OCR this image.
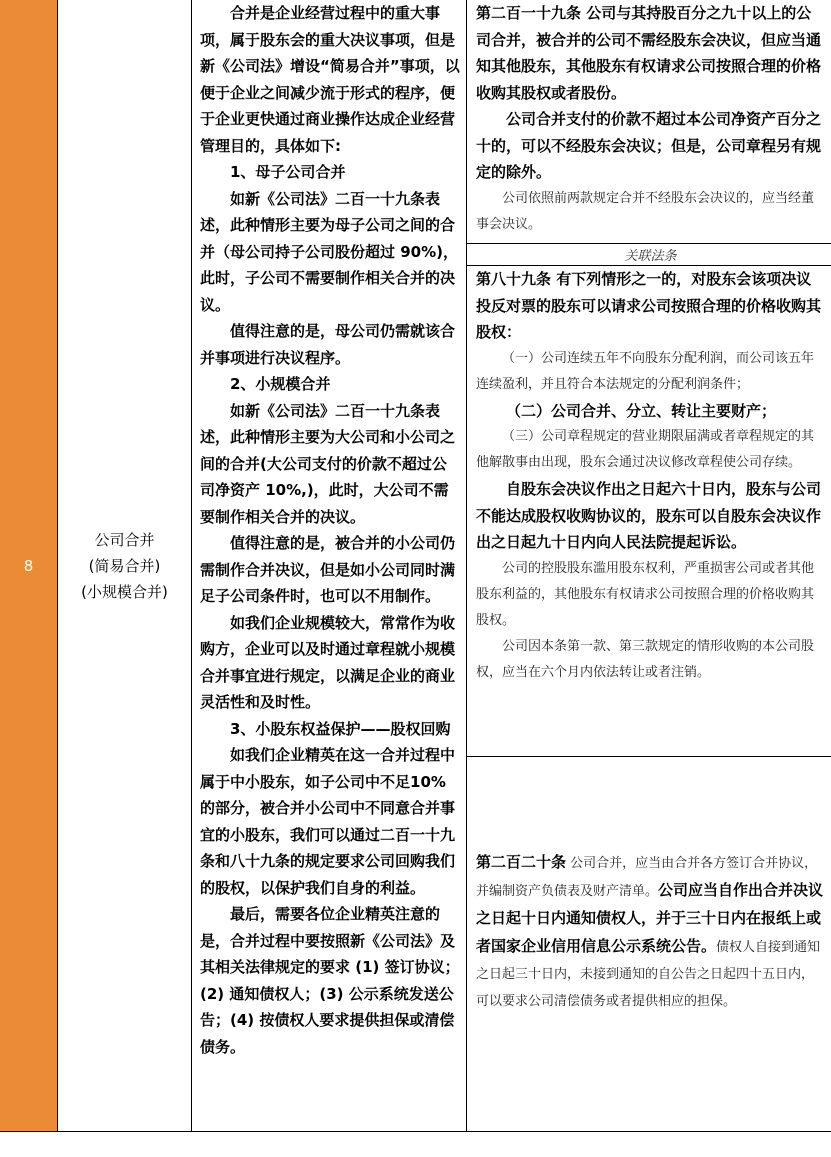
8
公司合并
(简易合并)
(小规模合并)

合并是企业经营过程中的重大事项，属于股东会的重大决议事项，但是新《公司法》增设“简易合并”事项，以便于企业之间减少流于形式的程序，便于企业更快通过商业操作达成企业经营管理目的，具体如下:

1、母子公司合并

如新《公司法》二百一十九条表述，此种情形主要为母子公司之间的合并（母公司持子公司股份超过 90%)，此时，子公司不需要制作相关合并的决议。

值得注意的是，母公司仍需就该合并事项进行决议程序。

2、小规模合并

如新《公司法》二百一十九条表述，此种情形主要为大公司和小公司之间的合并(大公司支付的价款不超过公司净资产 10%,)，此时，大公司不需要制作相关合并的决议。

值得注意的是，被合并的小公司仍需制作合并决议，但是如小公司同时满足子公司条件时，也可以不用制作。

如我们企业规模较大，常常作为收购方，企业可以及时通过章程就小规模合并事宜进行规定，以满足企业的商业灵活性和及时性。

3、小股东权益保护——股权回购

如我们企业精英在这一合并过程中属于中小股东，如子公司中不足10%的部分，被合并小公司中不同意合并事宜的小股东，我们可以通过二百一十九条和八十九条的规定要求公司回购我们的股权，以保护我们自身的利益。

最后，需要各位企业精英注意的是，合并过程中要按照新《公司法》及其相关法律规定的要求 (1) 签订协议；(2) 通知债权人；(3) 公示系统发送公告；(4) 按债权人要求提供担保或清偿债务。

第二百一十九条 公司与其持股百分之九十以上的公司合并，被合并的公司不需经股东会决议，但应当通知其他股东，其他股东有权请求公司按照合理的价格收购其股权或者股份。

公司合并支付的价款不超过本公司净资产百分之十的，可以不经股东会决议；但是，公司章程另有规定的除外。

公司依照前两款规定合并不经股东会决议的，应当经董事会决议。

关联法条

第八十九条 有下列情形之一的，对股东会该项决议投反对票的股东可以请求公司按照合理的价格收购其股权：

（一）公司连续五年不向股东分配利润，而公司该五年连续盈利，并且符合本法规定的分配利润条件；

（二）公司合并、分立、转让主要财产；

（三）公司章程规定的营业期限届满或者章程规定的其他解散事由出现，股东会通过决议修改章程使公司存续。

自股东会决议作出之日起六十日内，股东与公司不能达成股权收购协议的，股东可以自股东会决议作出之日起九十日内向人民法院提起诉讼。

公司的控股股东滥用股东权利，严重损害公司或者其他股东利益的，其他股东有权请求公司按照合理的价格收购其股权。

公司因本条第一款、第三款规定的情形收购的本公司股权，应当在六个月内依法转让或者注销。

第二百二十条 公司合并，应当由合并各方签订合并协议，并编制资产负债表及财产清单。公司应当自作出合并决议之日起十日内通知债权人，并于三十日内在报纸上或者国家企业信用信息公示系统公告。债权人自接到通知之日起三十日内，未接到通知的自公告之日起四十五日内，可以要求公司清偿债务或者提供相应的担保。
